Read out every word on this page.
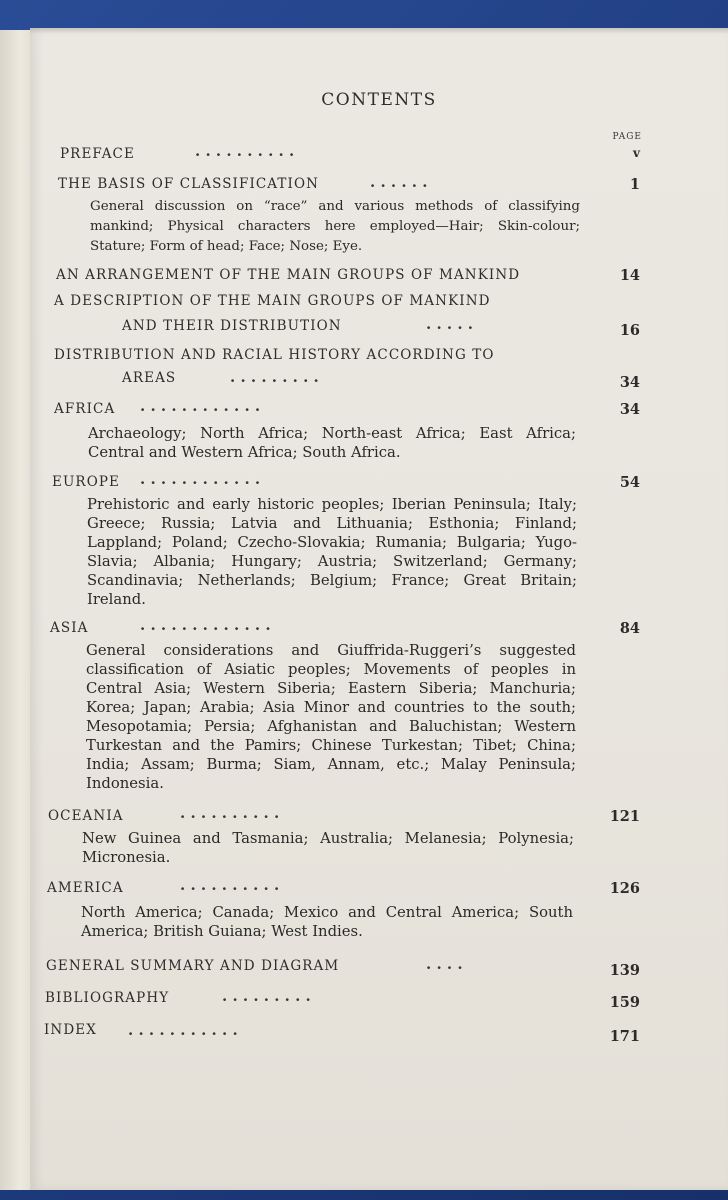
CONTENTS
PAGE
PREFACE	. . . . . . . . . .	v
THE BASIS OF CLASSIFICATION	. . . . . .	1
General discussion on “race” and various methods of classifying mankind; Physical characters here employed—Hair; Skin-colour; Stature; Form of head; Face; Nose; Eye.
AN ARRANGEMENT OF THE MAIN GROUPS OF MANKIND	14
A DESCRIPTION OF THE MAIN GROUPS OF MANKIND
AND THEIR DISTRIBUTION	. . . . .	16
DISTRIBUTION AND RACIAL HISTORY ACCORDING TO
AREAS	. . . . . . . . .	34
AFRICA . . . . . . . . . . . .	34
Archaeology; North Africa; North-east Africa; East Africa; Central and Western Africa; South Africa.
EUROPE . . . . . . . . . . . .	54
Prehistoric and early historic peoples; Iberian Peninsula; Italy; Greece; Russia; Latvia and Lithuania; Esthonia; Finland; Lappland; Poland; Czecho-Slovakia; Rumania; Bulgaria; Yugo-Slavia; Albania; Hungary; Austria; Switzerland; Germany; Scandinavia; Netherlands; Belgium; France; Great Britain; Ireland.
ASIA	. . . . . . . . . . . . .	84
General considerations and Giuffrida-Ruggeri’s suggested classification of Asiatic peoples; Movements of peoples in Central Asia; Western Siberia; Eastern Siberia; Manchuria; Korea; Japan; Arabia; Asia Minor and countries to the south; Mesopotamia; Persia; Afghanistan and Baluchistan; Western Turkestan and the Pamirs; Chinese Turkestan; Tibet; China; India; Assam; Burma; Siam, Annam, etc.; Malay Peninsula; Indonesia.
OCEANIA	. . . . . . . . . .	121
New Guinea and Tasmania; Australia; Melanesia; Polynesia; Micronesia.
AMERICA	. . . . . . . . . .	126
North America; Canada; Mexico and Central America; South America; British Guiana; West Indies.
GENERAL SUMMARY AND DIAGRAM	. . . .	139
BIBLIOGRAPHY	. . . . . . . . .	159
INDEX . . . . . . . . . . .	171
